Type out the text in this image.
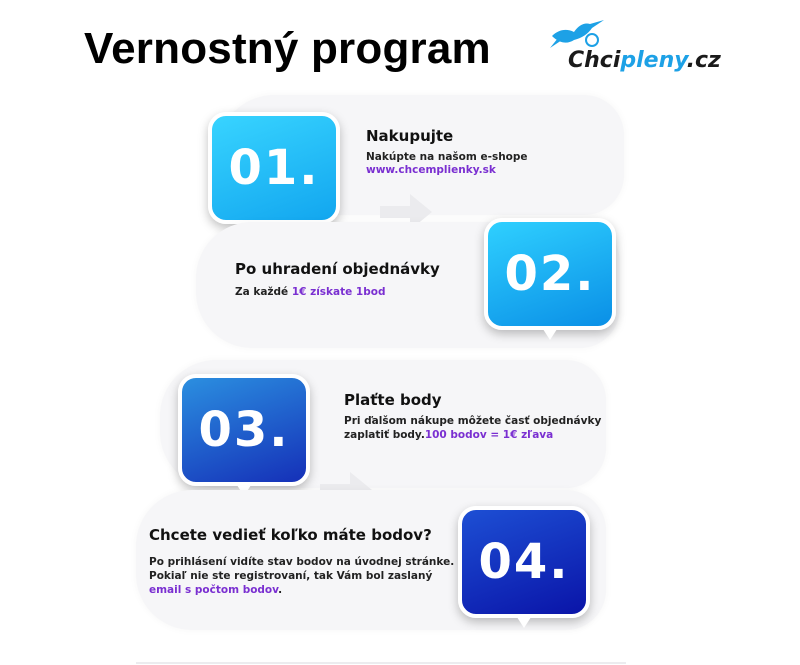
Vernostný program	Chcipleny.cz
01.
Nakupujte
Nakúpte na našom e-shope
www.chcemplienky.sk
02.
Po uhradení objednávky
Za každé 1€ získate 1bod
03.
Plaťte body
Pri ďalšom nákupe môžete časť objednávky
zaplatiť body.100 bodov = 1€ zľava
04.
Chcete vedieť koľko máte bodov?
Po prihlásení vidíte stav bodov na úvodnej stránke.
Pokiaľ nie ste registrovaní, tak Vám bol zaslaný
email s počtom bodov.
